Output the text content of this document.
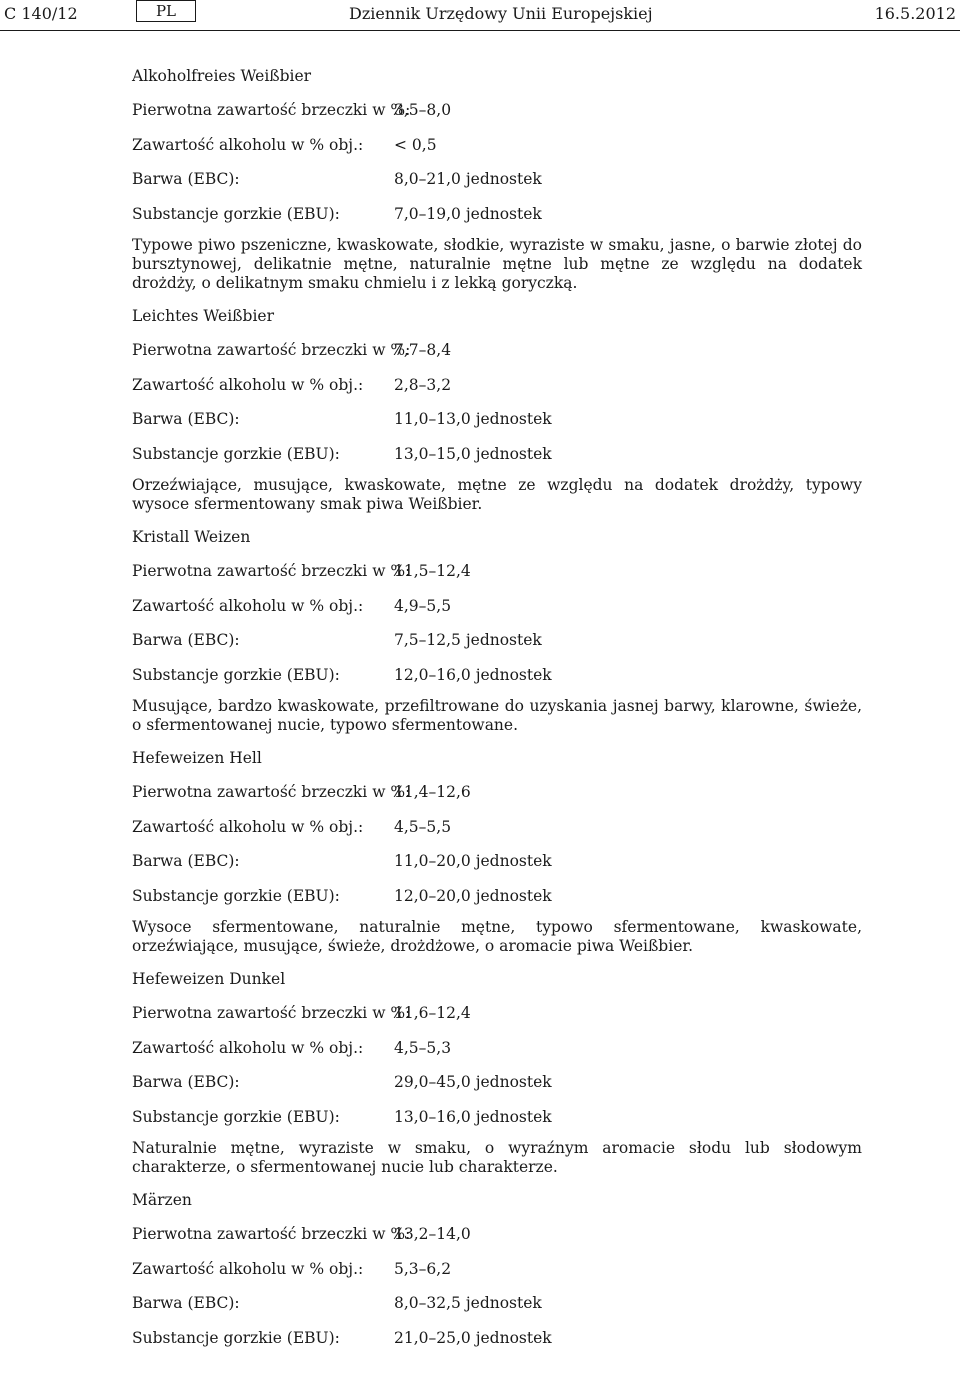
C 140/12	PL	Dziennik Urzędowy Unii Europejskiej	16.5.2012
Alkoholfreies Weißbier
Pierwotna zawartość brzeczki w %:
3,5–8,0
Zawartość alkoholu w % obj.: < 0,5
Barwa (EBC):	8,0–21,0 jednostek
Substancje gorzkie (EBU):	7,0–19,0 jednostek

Typowe piwo pszeniczne, kwaskowate, słodkie, wyraziste w smaku, jasne, o barwie złotej do bursztynowej, delikatnie mętne, naturalnie mętne lub mętne ze względu na dodatek drożdży, o delikatnym smaku chmielu i z lekką goryczką.

Leichtes Weißbier
Pierwotna zawartość brzeczki w %:
7,7–8,4
Zawartość alkoholu w % obj.: 2,8–3,2
Barwa (EBC):	11,0–13,0 jednostek
Substancje gorzkie (EBU):	13,0–15,0 jednostek

Orzeźwiające, musujące, kwaskowate, mętne ze względu na dodatek drożdży, typowy wysoce sfermentowany smak piwa Weißbier.

Kristall Weizen
Pierwotna zawartość brzeczki w %:
11,5–12,4
Zawartość alkoholu w % obj.: 4,9–5,5
Barwa (EBC):	7,5–12,5 jednostek
Substancje gorzkie (EBU):	12,0–16,0 jednostek

Musujące, bardzo kwaskowate, przefiltrowane do uzyskania jasnej barwy, klarowne, świeże, o sfermentowanej nucie, typowo sfermentowane.

Hefeweizen Hell
Pierwotna zawartość brzeczki w %:
11,4–12,6
Zawartość alkoholu w % obj.: 4,5–5,5
Barwa (EBC):	11,0–20,0 jednostek
Substancje gorzkie (EBU):	12,0–20,0 jednostek

Wysoce sfermentowane, naturalnie mętne, typowo sfermentowane, kwaskowate, orzeźwiające, musujące, świeże, drożdżowe, o aromacie piwa Weißbier.

Hefeweizen Dunkel
Pierwotna zawartość brzeczki w %:
11,6–12,4
Zawartość alkoholu w % obj.: 4,5–5,3
Barwa (EBC):	29,0–45,0 jednostek
Substancje gorzkie (EBU):	13,0–16,0 jednostek

Naturalnie mętne, wyraziste w smaku, o wyraźnym aromacie słodu lub słodowym charakterze, o sfermentowanej nucie lub charakterze.

Märzen
Pierwotna zawartość brzeczki w %:
13,2–14,0
Zawartość alkoholu w % obj.: 5,3–6,2
Barwa (EBC):	8,0–32,5 jednostek
Substancje gorzkie (EBU):	21,0–25,0 jednostek
